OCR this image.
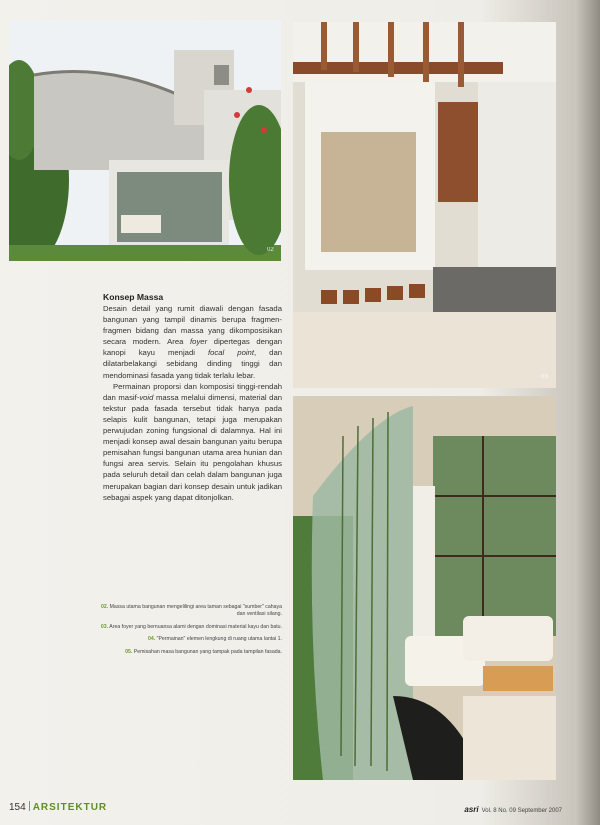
02
03
Konsep Massa

Desain detail yang rumit diawali dengan fasada bangunan yang tampil dinamis berupa fragmen-fragmen bidang dan massa yang dikomposisikan secara modern. Area foyer dipertegas dengan kanopi kayu menjadi focal point, dan dilatarbelakangi sebidang dinding tinggi dan mendominasi fasada yang tidak terlalu lebar.

Permainan proporsi dan komposisi tinggi-rendah dan masif-void massa melalui dimensi, material dan tekstur pada fasada tersebut tidak hanya pada selapis kulit bangunan, tetapi juga merupakan perwujudan zoning fungsional di dalamnya. Hal ini menjadi konsep awal desain bangunan yaitu berupa pemisahan fungsi bangunan utama area hunian dan fungsi area servis. Selain itu pengolahan khusus pada seluruh detail dan celah dalam bangunan juga merupakan bagian dari konsep desain untuk jadikan sebagai aspek yang dapat ditonjolkan.

02. Massa utama bangunan mengelilingi area taman sebagai "sumber" cahaya dan ventilasi silang.
03. Area foyer yang bernuansa alami dengan dominasi material kayu dan batu.
04. "Permainan" elemen lengkung di ruang utama lantai 1.
05. Pemisahan masa bangunan yang tampak pada tampilan fasada.
154 ARSITEKTUR	asri Vol. 8 No. 09 September 2007
